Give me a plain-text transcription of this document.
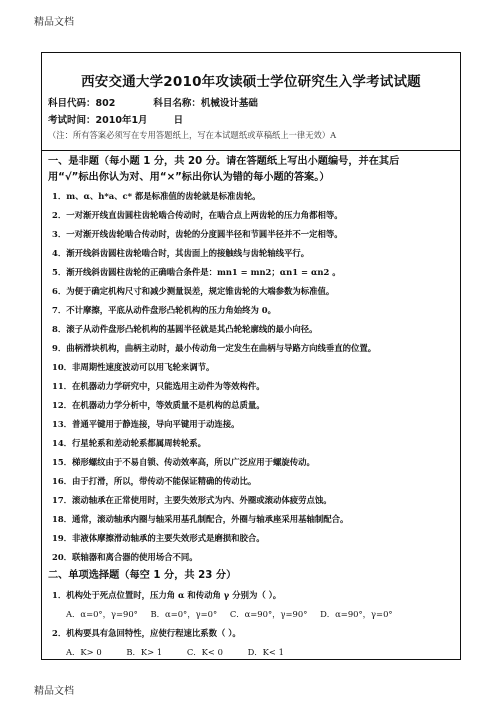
精品文档
西安交通大学2010年攻读硕士学位研究生入学考试试题
科目代码：802	科目名称：机械设计基础
考试时间：2010年1月	日
（注：所有答案必须写在专用答题纸上，写在本试题纸或草稿纸上一律无效）A
一、是非题（每小题 1 分，共 20 分。请在答题纸上写出小题编号，并在其后
用“√”标出你认为对、用“×”标出你认为错的每小题的答案。）
1．m、α、h*a、c* 都是标准值的齿轮就是标准齿轮。
2．一对渐开线直齿圆柱齿轮啮合传动时，在啮合点上两齿轮的压力角都相等。
3．一对渐开线齿轮啮合传动时，齿轮的分度圆半径和节圆半径并不一定相等。
4．渐开线斜齿圆柱齿轮啮合时，其齿面上的接触线与齿轮轴线平行。
5．渐开线斜齿圆柱齿轮的正确啮合条件是：mn1 = mn2；αn1 = αn2 。
6．为便于确定机构尺寸和减少测量误差，规定锥齿轮的大端参数为标准值。
7．不计摩擦，平底从动件盘形凸轮机构的压力角始终为 0。
8．滚子从动件盘形凸轮机构的基圆半径就是其凸轮轮廓线的最小向径。
9．曲柄滑块机构，曲柄主动时，最小传动角一定发生在曲柄与导路方向线垂直的位置。
10．非周期性速度波动可以用飞轮来调节。
11．在机器动力学研究中，只能选用主动件为等效构件。
12．在机器动力学分析中，等效质量不是机构的总质量。
13．普通平键用于静连接，导向平键用于动连接。
14．行星轮系和差动轮系都属周转轮系。
15．梯形螺纹由于不易自锁、传动效率高，所以广泛应用于螺旋传动。
16．由于打滑，所以，带传动不能保证精确的传动比。
17．滚动轴承在正常使用时，主要失效形式为内、外圈或滚动体疲劳点蚀。
18．通常，滚动轴承内圈与轴采用基孔制配合，外圈与轴承座采用基轴制配合。
19．非液体摩擦滑动轴承的主要失效形式是磨损和胶合。
20．联轴器和离合器的使用场合不同。
二、单项选择题（每空 1 分，共 23 分）
1．机构处于死点位置时，压力角 α 和传动角 γ 分别为（ ）。
A．α=0°，γ=90° B．α=0°，γ=0° C．α=90°，γ=90° D．α=90°，γ=0°
2．机构要具有急回特性，应使行程速比系数（ ）。
A．K> 0	B．K> 1	C．K< 0	D．K< 1
精品文档
